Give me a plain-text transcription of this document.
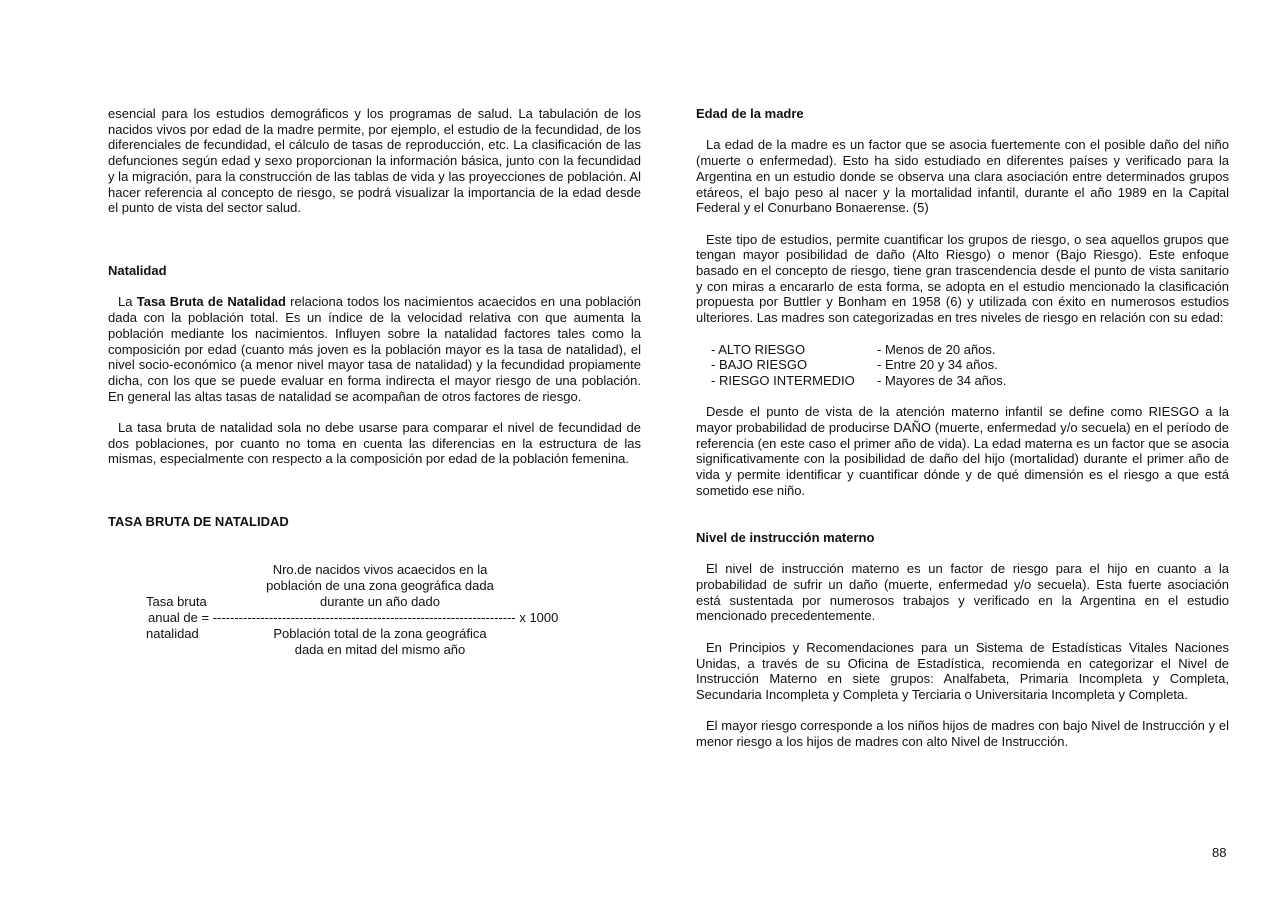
esencial para los estudios demográficos y los programas de salud. La tabulación de los nacidos vivos por edad de la madre permite, por ejemplo, el estudio de la fecundidad, de los diferenciales de fecundidad, el cálculo de tasas de reproducción, etc. La clasificación de las defunciones según edad y sexo proporcionan la información básica, junto con la fecundidad y la migración, para la construcción de las tablas de vida y las proyecciones de población. Al hacer referencia al concepto de riesgo, se podrá visualizar la importancia de la edad desde el punto de vista del sector salud.

Natalidad

La Tasa Bruta de Natalidad relaciona todos los nacimientos acaecidos en una población dada con la población total. Es un índice de la velocidad relativa con que aumenta la población mediante los nacimientos. Influyen sobre la natalidad factores tales como la composición por edad (cuanto más joven es la población mayor es la tasa de natalidad), el nivel socio-económico (a menor nivel mayor tasa de natalidad) y la fecundidad propiamente dicha, con los que se puede evaluar en forma indirecta el mayor riesgo de una población. En general las altas tasas de natalidad se acompañan de otros factores de riesgo.

La tasa bruta de natalidad sola no debe usarse para comparar el nivel de fecundidad de dos poblaciones, por cuanto no toma en cuenta las diferencias en la estructura de las mismas, especialmente con respecto a la composición por edad de la población femenina.

TASA BRUTA DE NATALIDAD
Nro.de nacidos vivos acaecidos en la
población de una zona geográfica dada
durante un año dado
Tasa bruta
anual de = ---------------------------------------------------------------------- x 1000
natalidad	Población total de la zona geográfica
dada en mitad del mismo año
Edad de la madre

La edad de la madre es un factor que se asocia fuertemente con el posible daño del niño (muerte o enfermedad). Esto ha sido estudiado en diferentes países y verificado para la Argentina en un estudio donde se observa una clara asociación entre determinados grupos etáreos, el bajo peso al nacer y la mortalidad infantil, durante el año 1989 en la Capital Federal y el Conurbano Bonaerense. (5)

Este tipo de estudios, permite cuantificar los grupos de riesgo, o sea aquellos grupos que tengan mayor posibilidad de daño (Alto Riesgo) o menor (Bajo Riesgo). Este enfoque basado en el concepto de riesgo, tiene gran trascendencia desde el punto de vista sanitario y con miras a encararlo de esta forma, se adopta en el estudio mencionado la clasificación propuesta por Buttler y Bonham en 1958 (6) y utilizada con éxito en numerosos estudios ulteriores. Las madres son categorizadas en tres niveles de riesgo en relación con su edad:

- ALTO RIESGO	- Menos de 20 años.
- BAJO RIESGO	- Entre 20 y 34 años.
- RIESGO INTERMEDIO	- Mayores de 34 años.

Desde el punto de vista de la atención materno infantil se define como RIESGO a la mayor probabilidad de producirse DAÑO (muerte, enfermedad y/o secuela) en el período de referencia (en este caso el primer año de vida). La edad materna es un factor que se asocia significativamente con la posibilidad de daño del hijo (mortalidad) durante el primer año de vida y permite identificar y cuantificar dónde y de qué dimensión es el riesgo a que está sometido ese niño.

Nivel de instrucción materno

El nivel de instrucción materno es un factor de riesgo para el hijo en cuanto a la probabilidad de sufrir un daño (muerte, enfermedad y/o secuela). Esta fuerte asociación está sustentada por numerosos trabajos y verificado en la Argentina en el estudio mencionado precedentemente.

En Principios y Recomendaciones para un Sistema de Estadísticas Vitales Naciones Unidas, a través de su Oficina de Estadística, recomienda en categorizar el Nivel de Instrucción Materno en siete grupos: Analfabeta, Primaria Incompleta y Completa, Secundaria Incompleta y Completa y Terciaria o Universitaria Incompleta y Completa.

El mayor riesgo corresponde a los niños hijos de madres con bajo Nivel de Instrucción y el menor riesgo a los hijos de madres con alto Nivel de Instrucción.

88
